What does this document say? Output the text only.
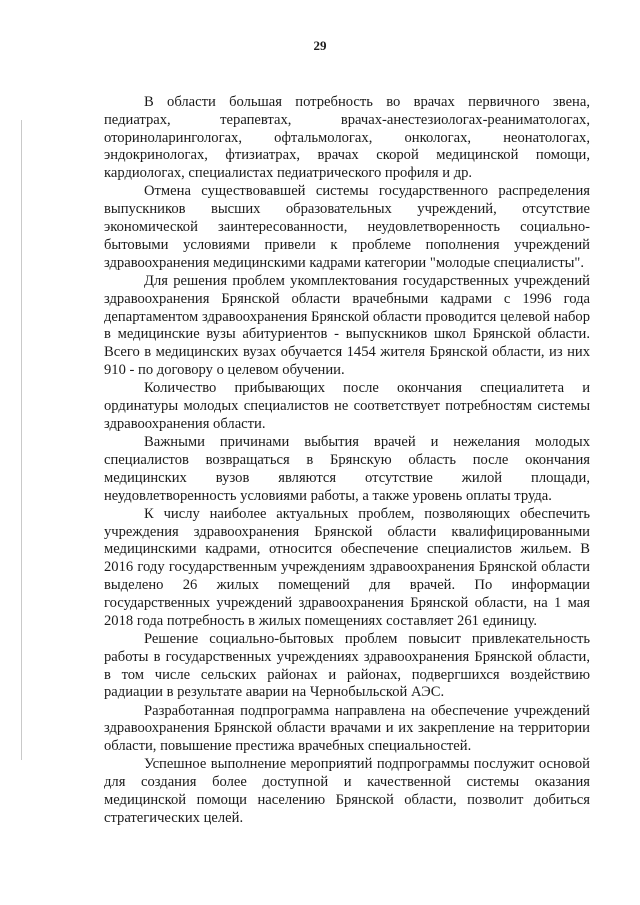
29

В области большая потребность во врачах первичного звена, педиатрах, терапевтах, врачах-анестезиологах-реаниматологах, оториноларингологах, офтальмологах, онкологах, неонатологах, эндокринологах, фтизиатрах, врачах скорой медицинской помощи, кардиологах, специалистах педиатрического профиля и др.

Отмена существовавшей системы государственного распределения выпускников высших образовательных учреждений, отсутствие экономической заинтересованности, неудовлетворенность социально-бытовыми условиями привели к проблеме пополнения учреждений здравоохранения медицинскими кадрами категории "молодые специалисты".

Для решения проблем укомплектования государственных учреждений здравоохранения Брянской области врачебными кадрами с 1996 года департаментом здравоохранения Брянской области проводится целевой набор в медицинские вузы абитуриентов - выпускников школ Брянской области. Всего в медицинских вузах обучается 1454 жителя Брянской области, из них 910 - по договору о целевом обучении.

Количество прибывающих после окончания специалитета и ординатуры молодых специалистов не соответствует потребностям системы здравоохранения области.

Важными причинами выбытия врачей и нежелания молодых специалистов возвращаться в Брянскую область после окончания медицинских вузов являются отсутствие жилой площади, неудовлетворенность условиями работы, а также уровень оплаты труда.

К числу наиболее актуальных проблем, позволяющих обеспечить учреждения здравоохранения Брянской области квалифицированными медицинскими кадрами, относится обеспечение специалистов жильем. В 2016 году государственным учреждениям здравоохранения Брянской области выделено 26 жилых помещений для врачей. По информации государственных учреждений здравоохранения Брянской области, на 1 мая 2018 года потребность в жилых помещениях составляет 261 единицу.

Решение социально-бытовых проблем повысит привлекательность работы в государственных учреждениях здравоохранения Брянской области, в том числе сельских районах и районах, подвергшихся воздействию радиации в результате аварии на Чернобыльской АЭС.

Разработанная подпрограмма направлена на обеспечение учреждений здравоохранения Брянской области врачами и их закрепление на территории области, повышение престижа врачебных специальностей.

Успешное выполнение мероприятий подпрограммы послужит основой для создания более доступной и качественной системы оказания медицинской помощи населению Брянской области, позволит добиться стратегических целей.
